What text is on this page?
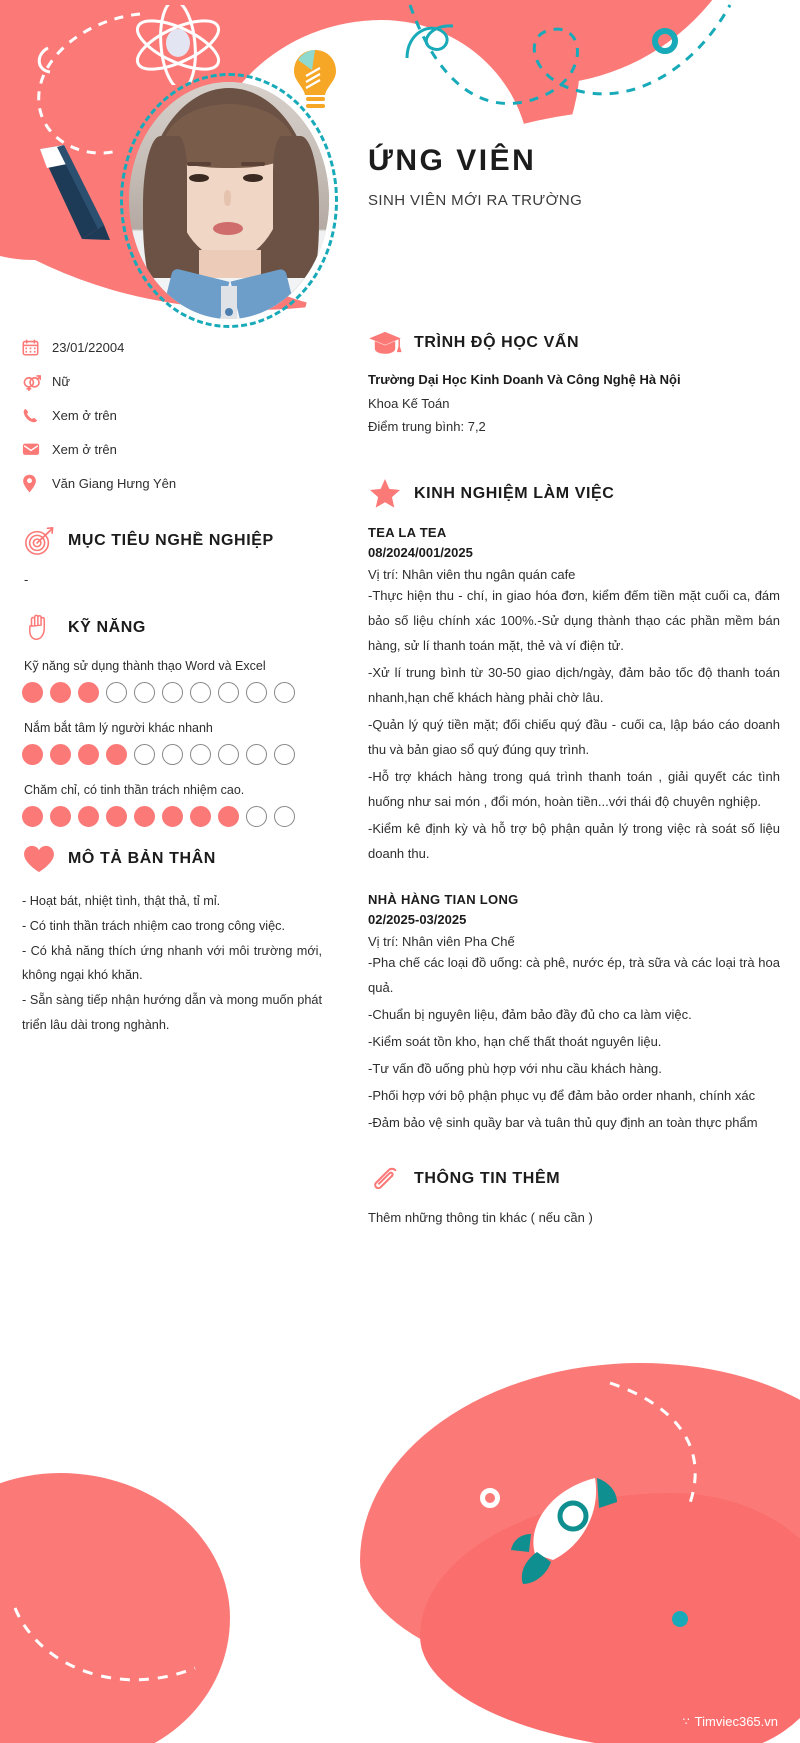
ỨNG VIÊN
SINH VIÊN MỚI RA TRƯỜNG
23/01/22004
Nữ
Xem ở trên
Xem ở trên
Văn Giang Hưng Yên
MỤC TIÊU NGHỀ NGHIỆP
-
KỸ NĂNG
Kỹ năng sử dụng thành thạo Word và Excel
Nắm bắt tâm lý người khác nhanh
Chăm chỉ, có tinh thần trách nhiệm cao.
MÔ TẢ BẢN THÂN
- Hoạt bát, nhiệt tình, thật thả, tỉ mỉ.
- Có tinh thần trách nhiệm cao trong công việc.
- Có khả năng thích ứng nhanh với môi trường mới, không ngại khó khăn.
- Sẵn sàng tiếp nhận hướng dẫn và mong muốn phát triển lâu dài trong nghành.
TRÌNH ĐỘ HỌC VẤN
Trường Dại Học Kinh Doanh Và Công Nghệ Hà Nội
Khoa Kế Toán
Điểm trung bình: 7,2
KINH NGHIỆM LÀM VIỆC
TEA LA TEA
08/2024/001/2025
Vị trí: Nhân viên thu ngân quán cafe
-Thực hiện thu - chí, in giao hóa đơn, kiểm đếm tiền mặt cuối ca, đám bảo số liệu chính xác 100%.-Sử dụng thành thạo các phần mềm bán hàng, sử lí thanh toán mặt, thẻ và ví điện tử.
-Xử lí trung bình từ 30-50 giao dịch/ngày, đảm bảo tốc độ thanh toán nhanh,hạn chế khách hàng phải chờ lâu.
-Quản lý quý tiền mặt; đối chiếu quý đầu - cuối ca, lập báo cáo doanh thu và bản giao sổ quý đúng quy trình.
-Hỗ trợ khách hàng trong quá trình thanh toán , giải quyết các tình huống như sai món , đổi món, hoàn tiền...với thái độ chuyên nghiệp.
-Kiểm kê định kỳ và hỗ trợ bộ phận quản lý trong việc rà soát số liệu doanh thu.
NHÀ HÀNG TIAN LONG
02/2025-03/2025
Vị trí: Nhân viên Pha Chế
-Pha chế các loại đồ uống: cà phê, nước ép, trà sữa và các loại trà hoa quả.
-Chuẩn bị nguyên liệu, đảm bảo đầy đủ cho ca làm việc.
-Kiểm soát tồn kho, hạn chế thất thoát nguyên liệu.
-Tư vấn đồ uống phù hợp với nhu cầu khách hàng.
-Phối hợp với bộ phận phục vụ để đảm bảo order nhanh, chính xác
-Đảm bảo vệ sinh quầy bar và tuân thủ quy định an toàn thực phẩm
THÔNG TIN THÊM
Thêm những thông tin khác ( nếu cần )
∵ Timviec365.vn
